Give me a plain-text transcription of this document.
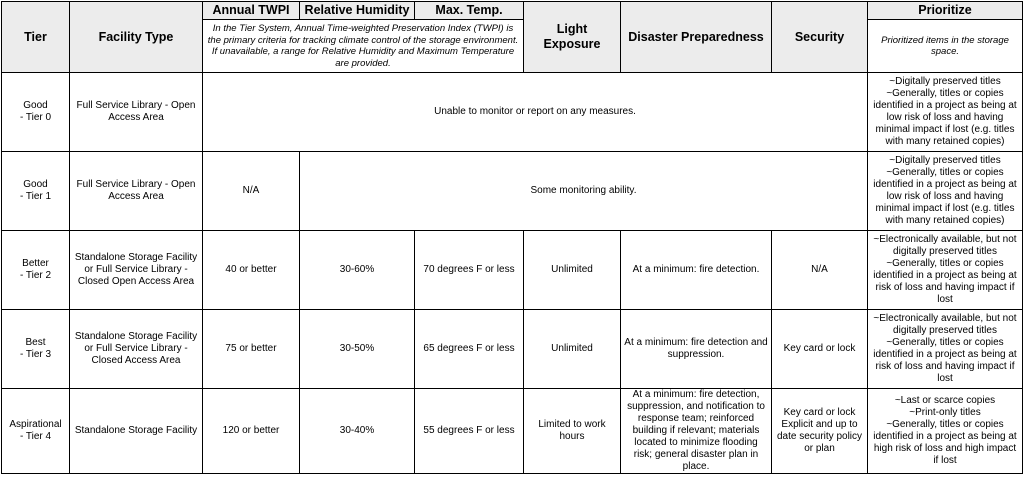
Tier	Facility Type	Annual TWPI	Relative Humidity	Max. Temp.	Light Exposure	Disaster Preparedness	Security	Prioritize
		In the Tier System, Annual Time-weighted Preservation Index (TWPI) is the primary criteria for tracking climate control of the storage environment. If unavailable, a range for Relative Humidity and Maximum Temperature are provided.						Prioritized items in the storage space.

Good
- Tier 0	Full Service Library - Open Access Area	Unable to monitor or report on any measures.						~Digitally preserved titles
~Generally, titles or copies identified in a project as being at low risk of loss and having minimal impact if lost (e.g. titles with many retained copies)

Good
- Tier 1	Full Service Library - Open Access Area	N/A	Some monitoring ability.					~Digitally preserved titles
~Generally, titles or copies identified in a project as being at low risk of loss and having minimal impact if lost (e.g. titles with many retained copies)

Better
- Tier 2	Standalone Storage Facility or Full Service Library - Closed Open Access Area	40 or better	30-60%	70 degrees F or less	Unlimited	At a minimum: fire detection.	N/A	~Electronically available, but not digitally preserved titles
~Generally, titles or copies identified in a project as being at risk of loss and having impact if lost

Best
- Tier 3	Standalone Storage Facility or Full Service Library - Closed Access Area	75 or better	30-50%	65 degrees F or less	Unlimited	At a minimum: fire detection and suppression.	Key card or lock	~Electronically available, but not digitally preserved titles
~Generally, titles or copies identified in a project as being at risk of loss and having impact if lost

Aspirational
- Tier 4	Standalone Storage Facility	120 or better	30-40%	55 degrees F or less	Limited to work hours	At a minimum: fire detection, suppression, and notification to response team; reinforced building if relevant; materials located to minimize flooding risk; general disaster plan in place.	Key card or lock
Explicit and up to date security policy or plan	~Last or scarce copies
~Print-only titles
~Generally, titles or copies identified in a project as being at high risk of loss and high impact if lost
